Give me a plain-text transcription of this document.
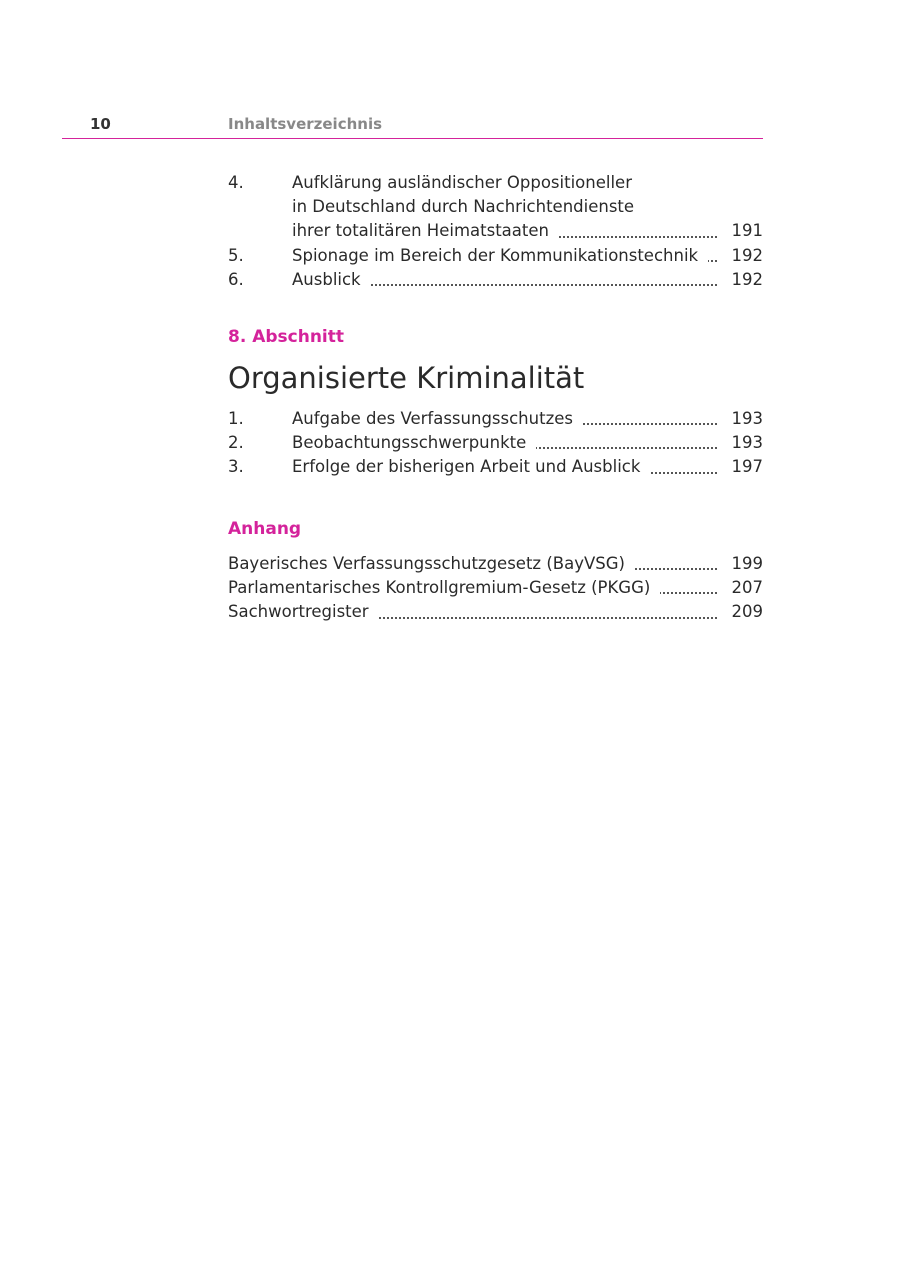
10	Inhaltsverzeichnis
4.	Aufklärung ausländischer Oppositioneller
in Deutschland durch Nachrichtendienste
ihrer totalitären Heimatstaaten	191
5.	Spionage im Bereich der Kommunikationstechnik	192
6.	Ausblick	192
8. Abschnitt
Organisierte Kriminalität
1.	Aufgabe des Verfassungsschutzes	193
2.	Beobachtungsschwerpunkte	193
3.	Erfolge der bisherigen Arbeit und Ausblick	197
Anhang
Bayerisches Verfassungsschutzgesetz (BayVSG)	199
Parlamentarisches Kontrollgremium-Gesetz (PKGG)	207
Sachwortregister	209
